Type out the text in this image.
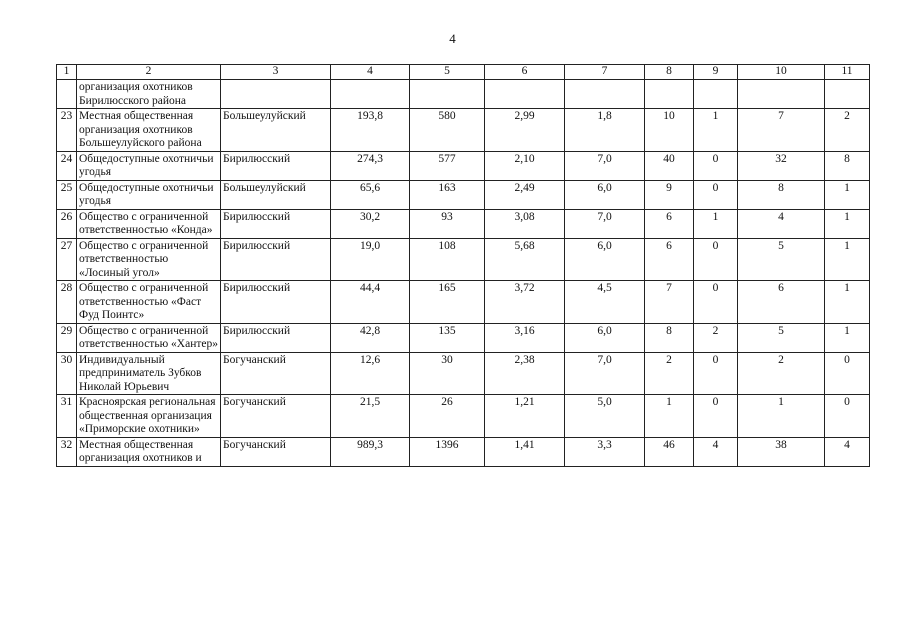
4
1	2	3	4	5	6	7	8	9	10	11
	организация охотников Бирилюсского района									
23	Местная общественная организация охотников Большеулуйского района	Большеулуйский	193,8	580	2,99	1,8	10	1	7	2
24	Общедоступные охотничьи угодья	Бирилюсский	274,3	577	2,10	7,0	40	0	32	8
25	Общедоступные охотничьи угодья	Большеулуйский	65,6	163	2,49	6,0	9	0	8	1
26	Общество с ограниченной ответственностью «Конда»	Бирилюсский	30,2	93	3,08	7,0	6	1	4	1
27	Общество с ограниченной ответственностью «Лосиный угол»	Бирилюсский	19,0	108	5,68	6,0	6	0	5	1
28	Общество с ограниченной ответственностью «Фаст Фуд Поинтс»	Бирилюсский	44,4	165	3,72	4,5	7	0	6	1
29	Общество с ограниченной ответственностью «Хантер»	Бирилюсский	42,8	135	3,16	6,0	8	2	5	1
30	Индивидуальный предприниматель Зубков Николай Юрьевич	Богучанский	12,6	30	2,38	7,0	2	0	2	0
31	Красноярская региональная общественная организация «Приморские охотники»	Богучанский	21,5	26	1,21	5,0	1	0	1	0
32	Местная общественная организация охотников и	Богучанский	989,3	1396	1,41	3,3	46	4	38	4
